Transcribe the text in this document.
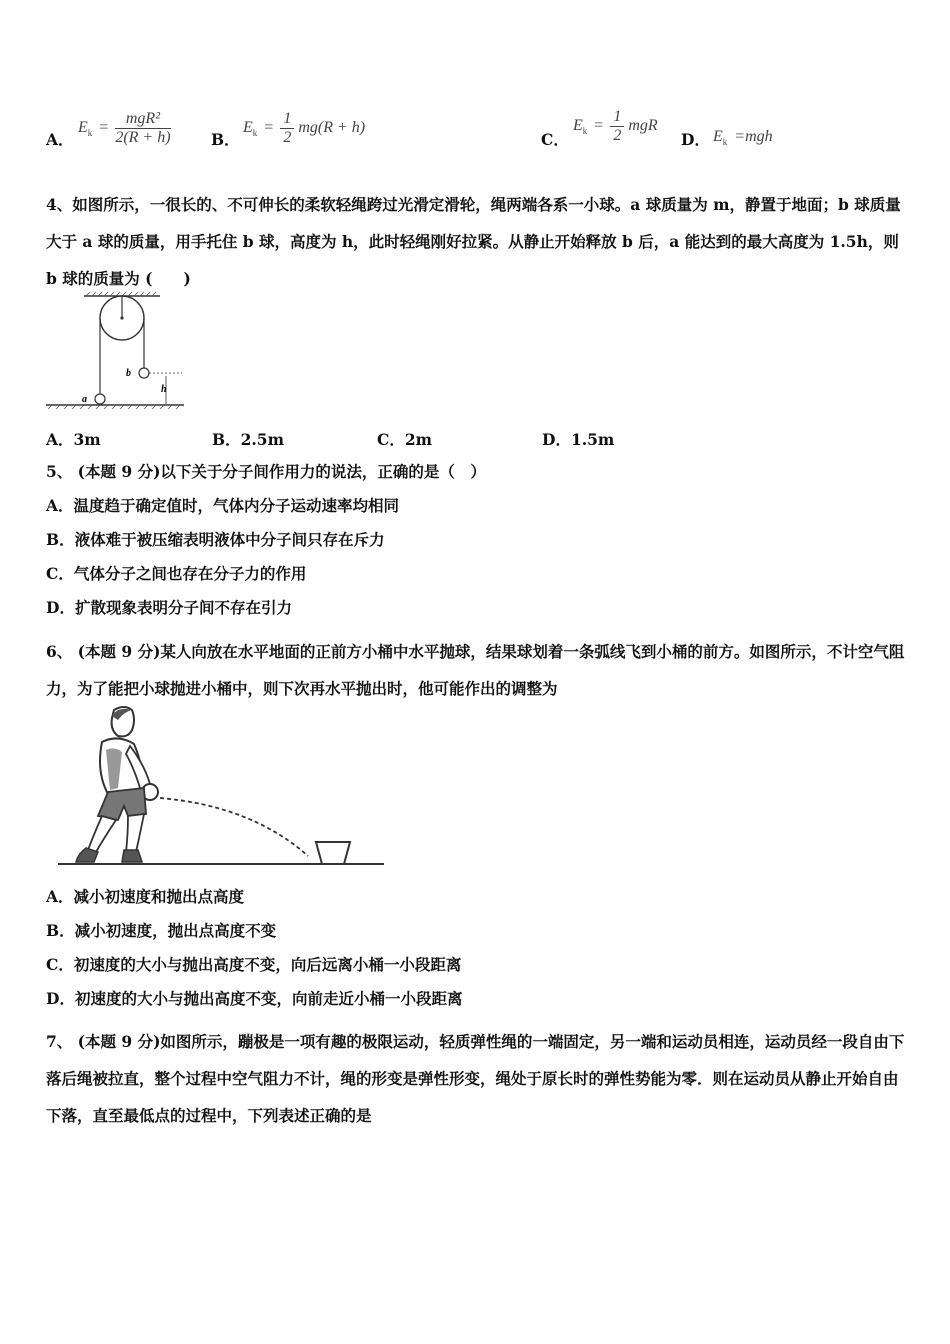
A．
$E_k = \frac{\text{mgR²}}{2(R + h)}$	B．
$E_k = \frac{1}{2} mg(R + h)$
C．
$E_k = \frac{1}{2}$ mgR
D． $E_k =mgh$
4、如图所示，一很长的、不可伸长的柔软轻绳跨过光滑定滑轮，绳两端各系一小球。a 球质量为 m，静置于地面；b 球质量大于 a 球的质量，用手托住 b 球，高度为 h，此时轻绳刚好拉紧。从静止开始释放 b 后，a 能达到的最大高度为 1.5h，则 b 球的质量为 (　　)
b
h
a
A．3m	B．2.5m	C．2m	D．1.5m
5、 (本题 9 分)以下关于分子间作用力的说法，正确的是（　）
A．温度趋于确定值时，气体内分子运动速率均相同
B．液体难于被压缩表明液体中分子间只存在斥力
C．气体分子之间也存在分子力的作用
D．扩散现象表明分子间不存在引力
6、 (本题 9 分)某人向放在水平地面的正前方小桶中水平抛球，结果球划着一条弧线飞到小桶的前方。如图所示，不计空气阻力，为了能把小球抛进小桶中，则下次再水平抛出时，他可能作出的调整为
A．减小初速度和抛出点高度
B．减小初速度，抛出点高度不变
C．初速度的大小与抛出高度不变，向后远离小桶一小段距离
D．初速度的大小与抛出高度不变，向前走近小桶一小段距离
7、 (本题 9 分)如图所示，蹦极是一项有趣的极限运动，轻质弹性绳的一端固定，另一端和运动员相连，运动员经一段自由下落后绳被拉直，整个过程中空气阻力不计，绳的形变是弹性形变，绳处于原长时的弹性势能为零．则在运动员从静止开始自由下落，直至最低点的过程中，下列表述正确的是
